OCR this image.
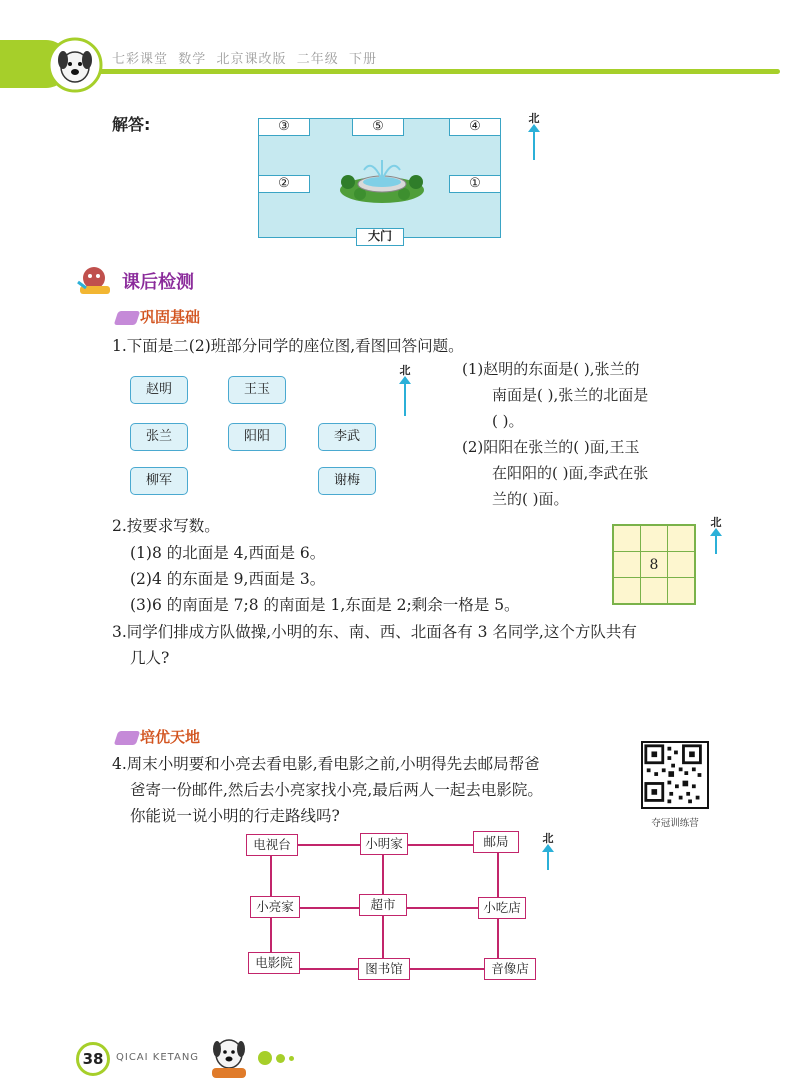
七彩课堂  数学  北京课改版  二年级  下册
解答:	③	⑤	④
②	①
大门
北
课后检测
巩固基础
1.下面是二(2)班部分同学的座位图,看图回答问题。
赵明	王玉
张兰	阳阳	李武
柳军	谢梅
北	(1)赵明的东面是( ),张兰的
南面是( ),张兰的北面是
( )。
(2)阳阳在张兰的( )面,王玉
在阳阳的( )面,李武在张
兰的( )面。
2.按要求写数。
(1)8 的北面是 4,西面是 6。
(2)4 的东面是 9,西面是 3。
(3)6 的南面是 7;8 的南面是 1,东面是 2;剩余一格是 5。
8
北
3.同学们排成方队做操,小明的东、南、西、北面各有 3 名同学,这个方队共有
几人?
培优天地
4.周末小明要和小亮去看电影,看电影之前,小明得先去邮局帮爸
爸寄一份邮件,然后去小亮家找小亮,最后两人一起去电影院。
你能说一说小明的行走路线吗?	夺冠训练营
电视台	小明家	邮局
小亮家	超市	小吃店
电影院	图书馆	音像店
北
38	QICAI KETANG
